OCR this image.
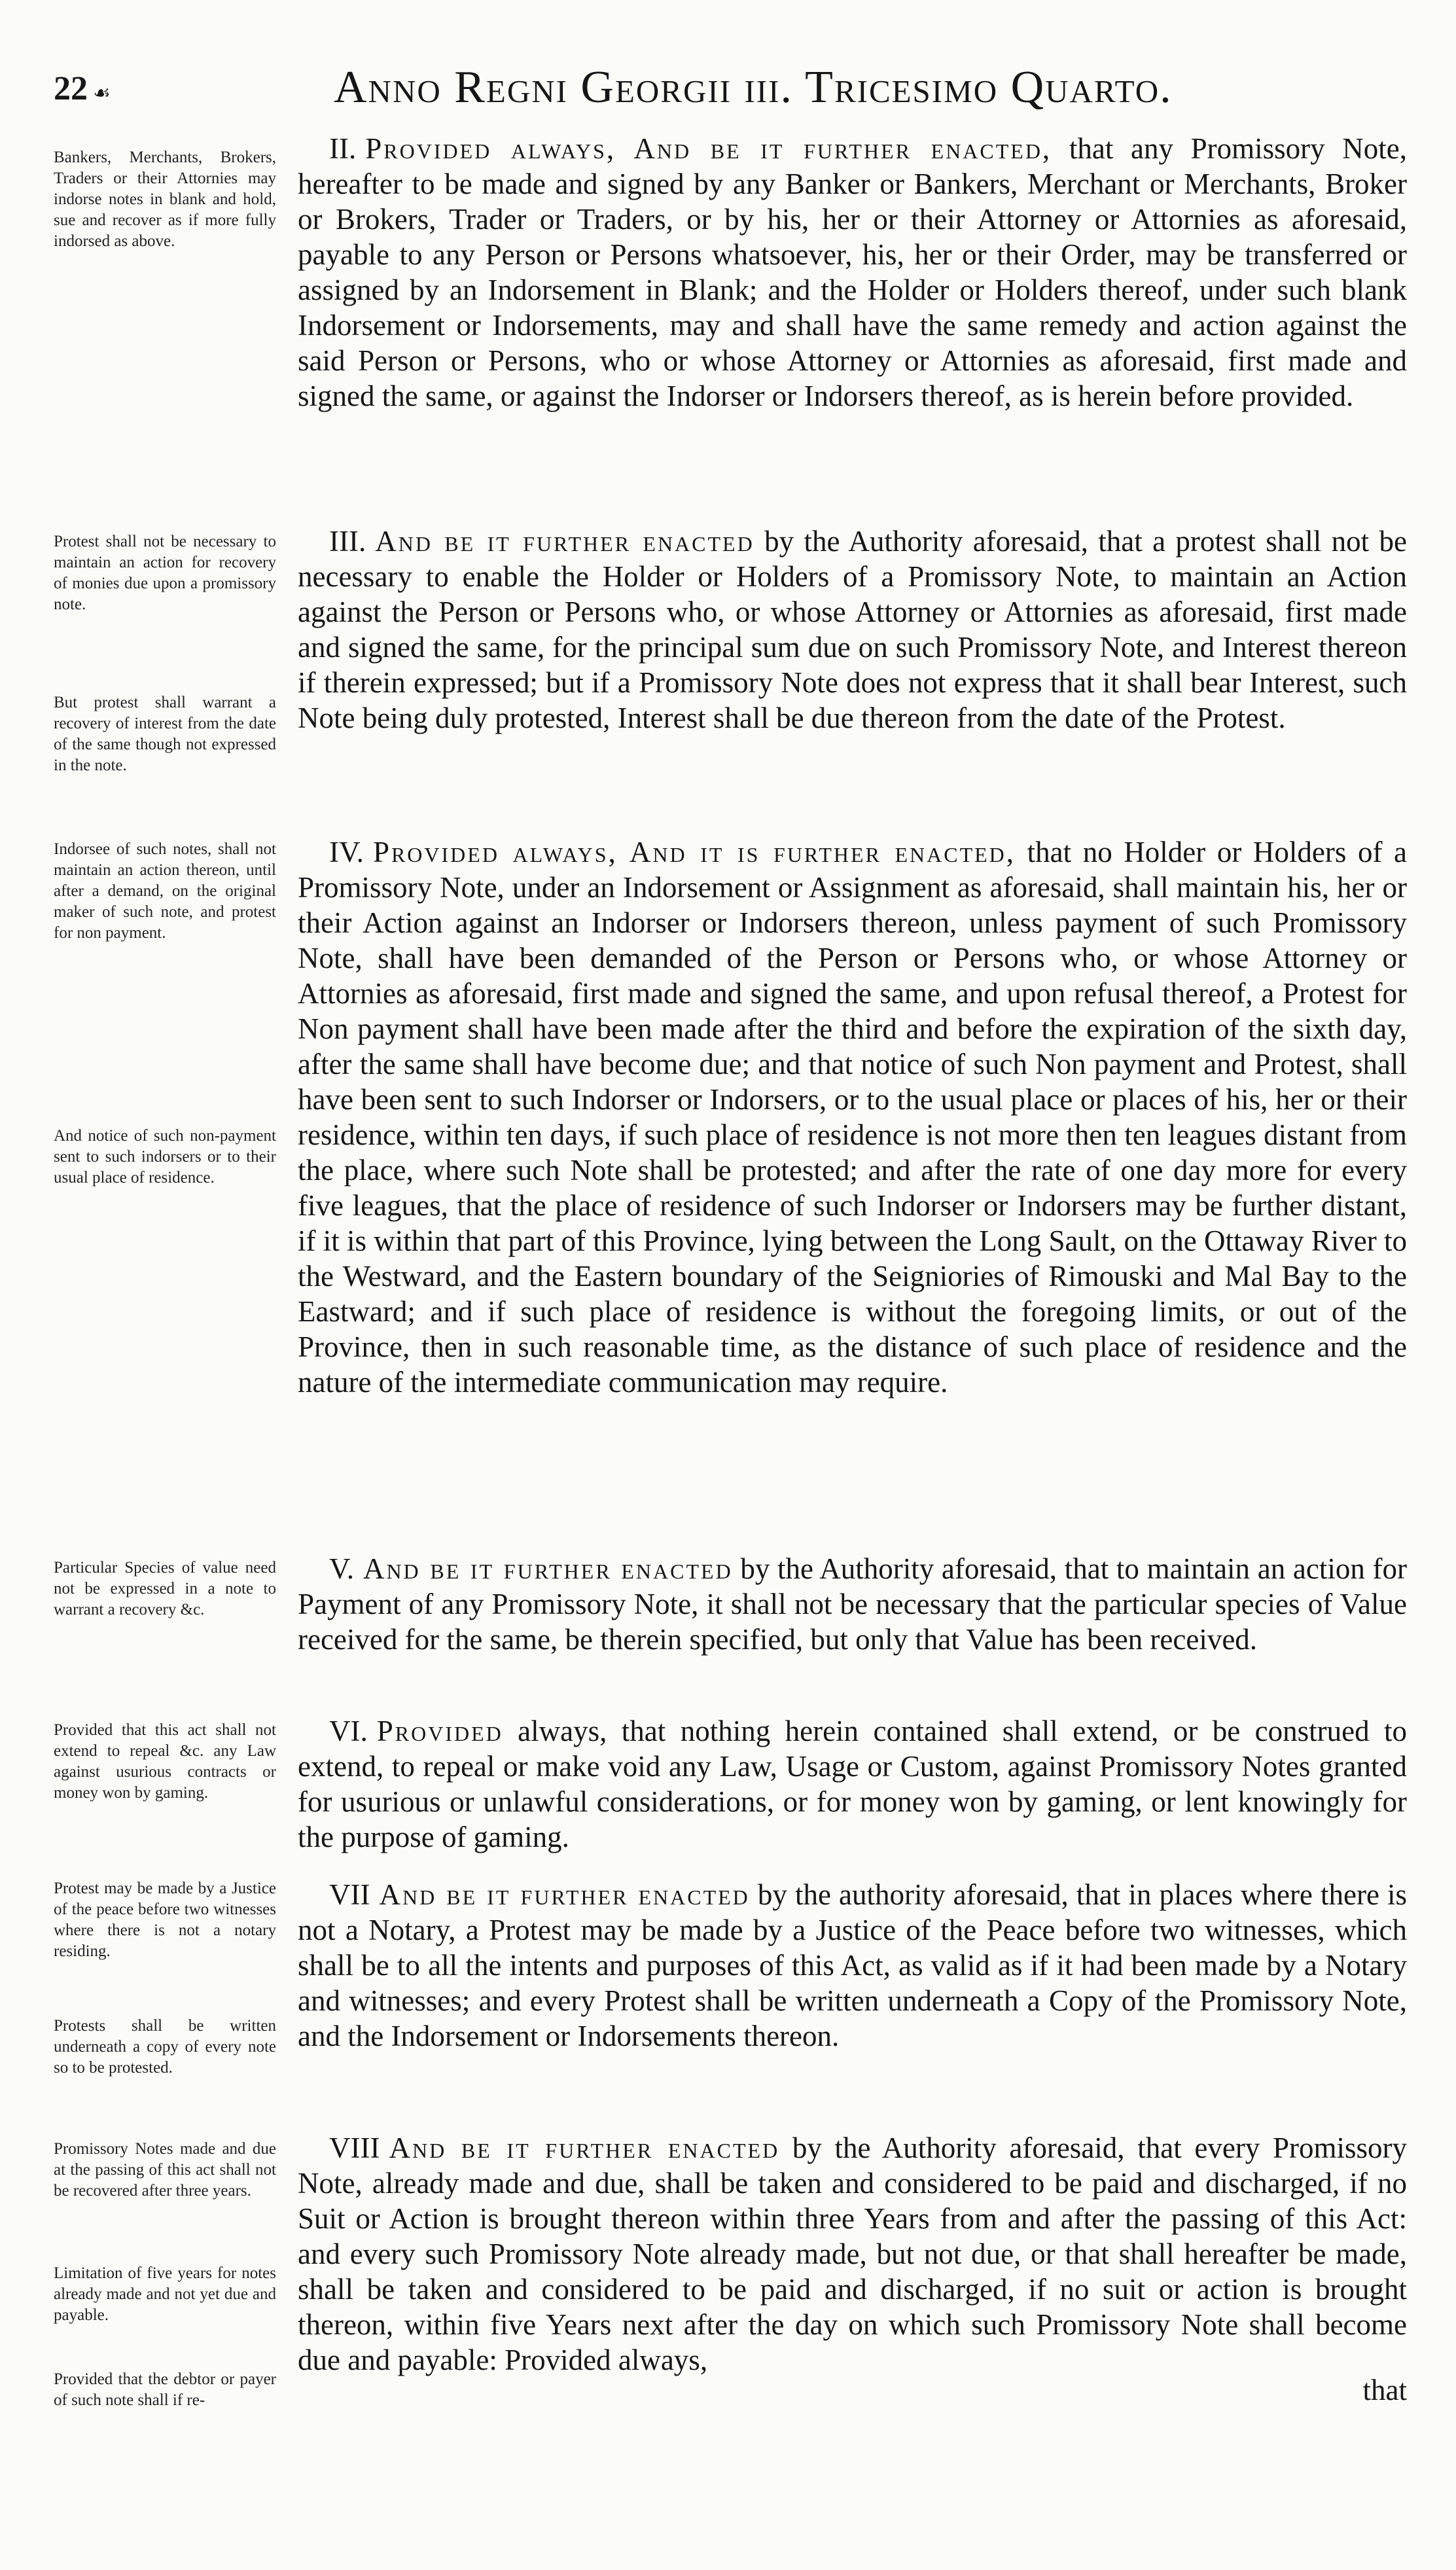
22 ☙	Anno Regni Georgii iii. Tricesimo Quarto.

Bankers, Merchants, Brokers, Traders or their Attornies may indorse notes in blank and hold, sue and recover as if more fully indorsed as above.

Protest shall not be necessary to maintain an action for recovery of monies due upon a promissory note.

But protest shall warrant a recovery of interest from the date of the same though not expressed in the note.

Indorsee of such notes, shall not maintain an action thereon, until after a demand, on the original maker of such note, and protest for non payment.

And notice of such non-payment sent to such indorsers or to their usual place of residence.

Particular Species of value need not be expressed in a note to warrant a recovery &c.

Provided that this act shall not extend to repeal &c. any Law against usurious contracts or money won by gaming.

Protest may be made by a Justice of the peace before two witnesses where there is not a notary residing.

Protests shall be written underneath a copy of every note so to be protested.

Promissory Notes made and due at the passing of this act shall not be recovered after three years.

Limitation of five years for notes already made and not yet due and payable.

Provided that the debtor or payer of such note shall if re-

II. Provided always, And be it further enacted, that any Promissory Note, hereafter to be made and signed by any Banker or Bankers, Merchant or Merchants, Broker or Brokers, Trader or Traders, or by his, her or their Attorney or Attornies as aforesaid, payable to any Person or Persons whatsoever, his, her or their Order, may be transferred or assigned by an Indorsement in Blank; and the Holder or Holders thereof, under such blank Indorsement or Indorsements, may and shall have the same remedy and action against the said Person or Persons, who or whose Attorney or Attornies as aforesaid, first made and signed the same, or against the Indorser or Indorsers thereof, as is herein before provided.

III. And be it further enacted by the Authority aforesaid, that a protest shall not be necessary to enable the Holder or Holders of a Promissory Note, to maintain an Action against the Person or Persons who, or whose Attorney or Attornies as aforesaid, first made and signed the same, for the principal sum due on such Promissory Note, and Interest thereon if therein expressed; but if a Promissory Note does not express that it shall bear Interest, such Note being duly protested, Interest shall be due thereon from the date of the Protest.

IV. Provided always, And it is further enacted, that no Holder or Holders of a Promissory Note, under an Indorsement or Assignment as aforesaid, shall maintain his, her or their Action against an Indorser or Indorsers thereon, unless payment of such Promissory Note, shall have been demanded of the Person or Persons who, or whose Attorney or Attornies as aforesaid, first made and signed the same, and upon refusal thereof, a Protest for Non payment shall have been made after the third and before the expiration of the sixth day, after the same shall have become due; and that notice of such Non payment and Protest, shall have been sent to such Indorser or Indorsers, or to the usual place or places of his, her or their residence, within ten days, if such place of residence is not more then ten leagues distant from the place, where such Note shall be protested; and after the rate of one day more for every five leagues, that the place of residence of such Indorser or Indorsers may be further distant, if it is within that part of this Province, lying between the Long Sault, on the Ottaway River to the Westward, and the Eastern boundary of the Seigniories of Rimouski and Mal Bay to the Eastward; and if such place of residence is without the foregoing limits, or out of the Province, then in such reasonable time, as the distance of such place of residence and the nature of the intermediate communication may require.

V. And be it further enacted by the Authority aforesaid, that to maintain an action for Payment of any Promissory Note, it shall not be necessary that the particular species of Value received for the same, be therein specified, but only that Value has been received.

VI. Provided always, that nothing herein contained shall extend, or be construed to extend, to repeal or make void any Law, Usage or Custom, against Promissory Notes granted for usurious or unlawful considerations, or for money won by gaming, or lent knowingly for the purpose of gaming.

VII And be it further enacted by the authority aforesaid, that in places where there is not a Notary, a Protest may be made by a Justice of the Peace before two witnesses, which shall be to all the intents and purposes of this Act, as valid as if it had been made by a Notary and witnesses; and every Protest shall be written underneath a Copy of the Promissory Note, and the Indorsement or Indorsements thereon.

VIII And be it further enacted by the Authority aforesaid, that every Promissory Note, already made and due, shall be taken and considered to be paid and discharged, if no Suit or Action is brought thereon within three Years from and after the passing of this Act: and every such Promissory Note already made, but not due, or that shall hereafter be made, shall be taken and considered to be paid and discharged, if no suit or action is brought thereon, within five Years next after the day on which such Promissory Note shall become due and payable: Provided always,

that
